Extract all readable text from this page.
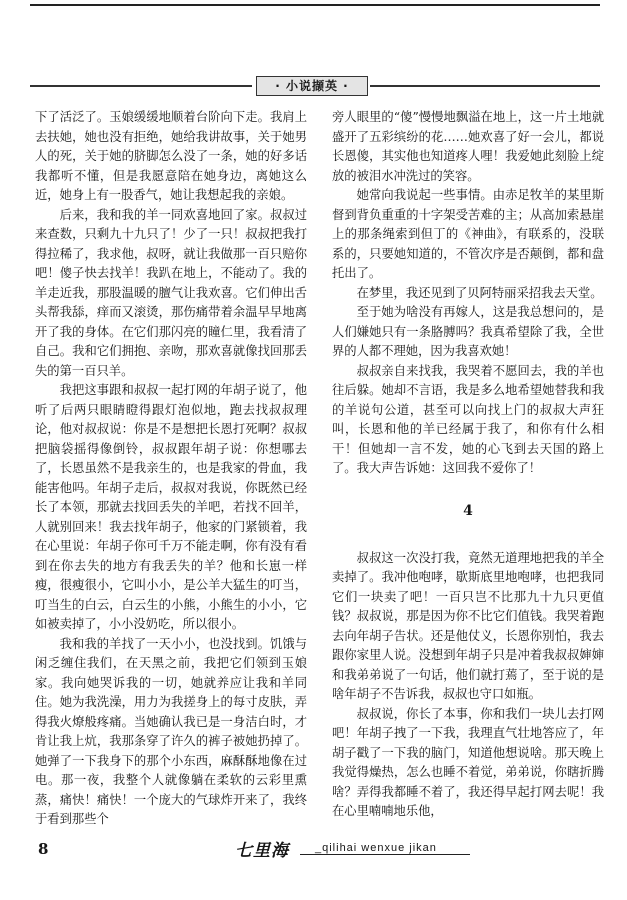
· 小说撷英 ·

下了活泛了。玉娘缓缓地顺着台阶向下走。我肩上去扶她，她也没有拒绝，她给我讲故事，关于她男人的死，关于她的脐脚怎么没了一条，她的好多话我都听不懂，但是我愿意陪在她身边，离她这么近，她身上有一股香气，她让我想起我的亲娘。

后来，我和我的羊一同欢喜地回了家。叔叔过来查数，只剩九十九只了！少了一只！叔叔把我打得拉稀了，我求他，叔呀，就让我做那一百只赔你吧！傻子快去找羊！我趴在地上，不能动了。我的羊走近我，那股温暖的膻气让我欢喜。它们伸出舌头帮我舔，痒而又滚烫，那伤痛带着余温早早地离开了我的身体。在它们那闪亮的瞳仁里，我看清了自己。我和它们拥抱、亲吻，那欢喜就像找回那丢失的第一百只羊。

我把这事跟和叔叔一起打网的年胡子说了，他听了后两只眼睛瞪得跟灯泡似地，跑去找叔叔理论，他对叔叔说：你是不是想把长恩打死啊？叔叔把脑袋摇得像倒铃，叔叔跟年胡子说：你想哪去了，长恩虽然不是我亲生的，也是我家的骨血，我能害他吗。年胡子走后，叔叔对我说，你既然已经长了本领，那就去找回丢失的羊吧，若找不回羊，人就别回来！我去找年胡子，他家的门紧锁着，我在心里说：年胡子你可千万不能走啊，你有没有看到在你去失的地方有我丢失的羊？他和长崽一样瘦，很瘦很小，它叫小小，是公羊大猛生的叮当，叮当生的白云，白云生的小熊，小熊生的小小，它如被卖掉了，小小没奶吃，所以很小。

我和我的羊找了一天小小，也没找到。饥饿与闲乏缠住我们，在天黑之前，我把它们领到玉娘家。我向她哭诉我的一切，她就养应让我和羊同住。她为我洗澡，用力为我搓身上的每寸皮肤，弄得我火燎般疼痛。当她确认我已是一身洁白时，才肯让我上炕，我那条穿了许久的裤子被她扔掉了。她弹了一下我身下的那个小东西，麻酥酥地像在过电。那一夜，我整个人就像躺在柔软的云彩里熏蒸，痛快！痛快！一个庞大的气球炸开来了，我终于看到那些个

旁人眼里的“傻”慢慢地飘溢在地上，这一片土地就盛开了五彩缤纷的花……她欢喜了好一会儿，都说长恩傻，其实他也知道疼人哩！我爱她此刻脸上绽放的被泪水冲洗过的笑容。

她常向我说起一些事情。由赤足牧羊的某里斯督到背负重重的十字架受苦难的主；从高加索悬崖上的那条绳索到但丁的《神曲》，有联系的，没联系的，只要她知道的，不管次序是否颠倒，都和盘托出了。

在梦里，我还见到了贝阿特丽采招我去天堂。

至于她为啥没有再嫁人，这是我总想问的，是人们嫌她只有一条胳膊吗？我真希望除了我，全世界的人都不理她，因为我喜欢她！

叔叔亲自来找我，我哭着不愿回去，我的羊也往后躲。她却不言语，我是多么地希望她替我和我的羊说句公道，甚至可以向找上门的叔叔大声狂叫，长恩和他的羊已经属于我了，和你有什么相干！但她却一言不发，她的心飞到去天国的路上了。我大声告诉她：这回我不爱你了！

4

叔叔这一次没打我，竟然无道理地把我的羊全卖掉了。我冲他咆哮，歇斯底里地咆哮，也把我同它们一块卖了吧！一百只岂不比那九十九只更值钱？叔叔说，那是因为你不比它们值钱。我哭着跑去向年胡子告状。还是他仗义，长恩你别怕，我去跟你家里人说。没想到年胡子只是冲着我叔叔婶婶和我弟弟说了一句话，他们就打蔫了，至于说的是啥年胡子不告诉我，叔叔也守口如瓶。

叔叔说，你长了本事，你和我们一块儿去打网吧！年胡子拽了一下我，我理直气壮地答应了，年胡子戳了一下我的脑门，知道他想说啥。那天晚上我觉得燥热，怎么也睡不着觉，弟弟说，你瞎折腾啥？弄得我都睡不着了，我还得早起打网去呢！我在心里喃喃地乐他，

8	七里海 _qilihai wenxue jikan
